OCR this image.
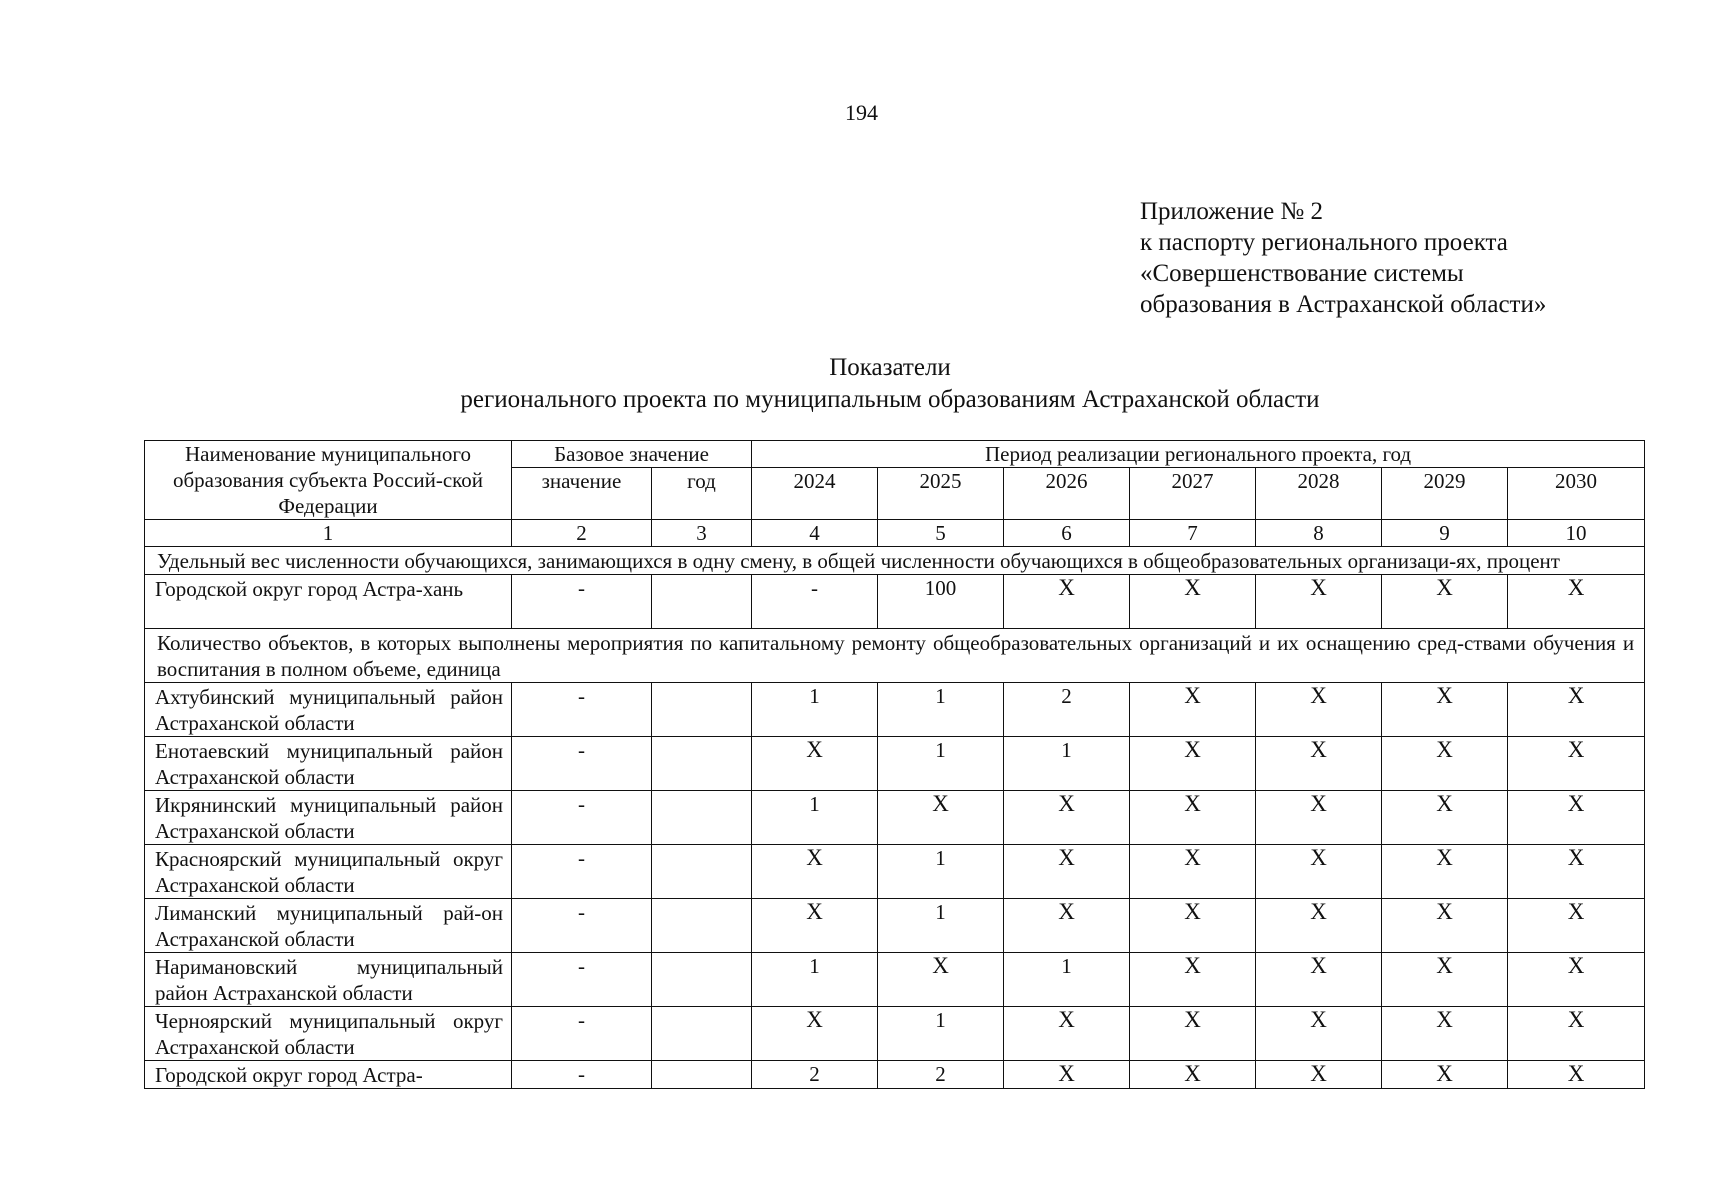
194
Приложение № 2
к паспорту регионального проекта
«Совершенствование системы
образования в Астраханской области»
Показатели
регионального проекта по муниципальным образованиям Астраханской области
Наименование муниципального образования субъекта Россий-ской Федерации	Базовое значение		Период реализации регионального проекта, год						
	значение	год	2024	2025	2026	2027	2028	2029	2030
1	2	3	4	5	6	7	8	9	10
Удельный вес численности обучающихся, занимающихся в одну смену, в общей численности обучающихся в общеобразовательных организаци-ях, процент									
Городской округ город Астра-хань	-		-	100	X	X	X	X	X
Количество объектов, в которых выполнены мероприятия по капитальному ремонту общеобразовательных организаций и их оснащению сред-ствами обучения и воспитания в полном объеме, единица									
Ахтубинский муниципальный район Астраханской области	-		1	1	2	X	X	X	X
Енотаевский муниципальный район Астраханской области	-		X	1	1	X	X	X	X
Икрянинский муниципальный район Астраханской области	-		1	X	X	X	X	X	X
Красноярский муниципальный округ Астраханской области	-		X	1	X	X	X	X	X
Лиманский муниципальный рай-он Астраханской области	-		X	1	X	X	X	X	X
Наримановский муниципальный район Астраханской области	-		1	X	1	X	X	X	X
Черноярский муниципальный округ Астраханской области	-		X	1	X	X	X	X	X
Городской округ город Астра-	-		2	2	X	X	X	X	X
